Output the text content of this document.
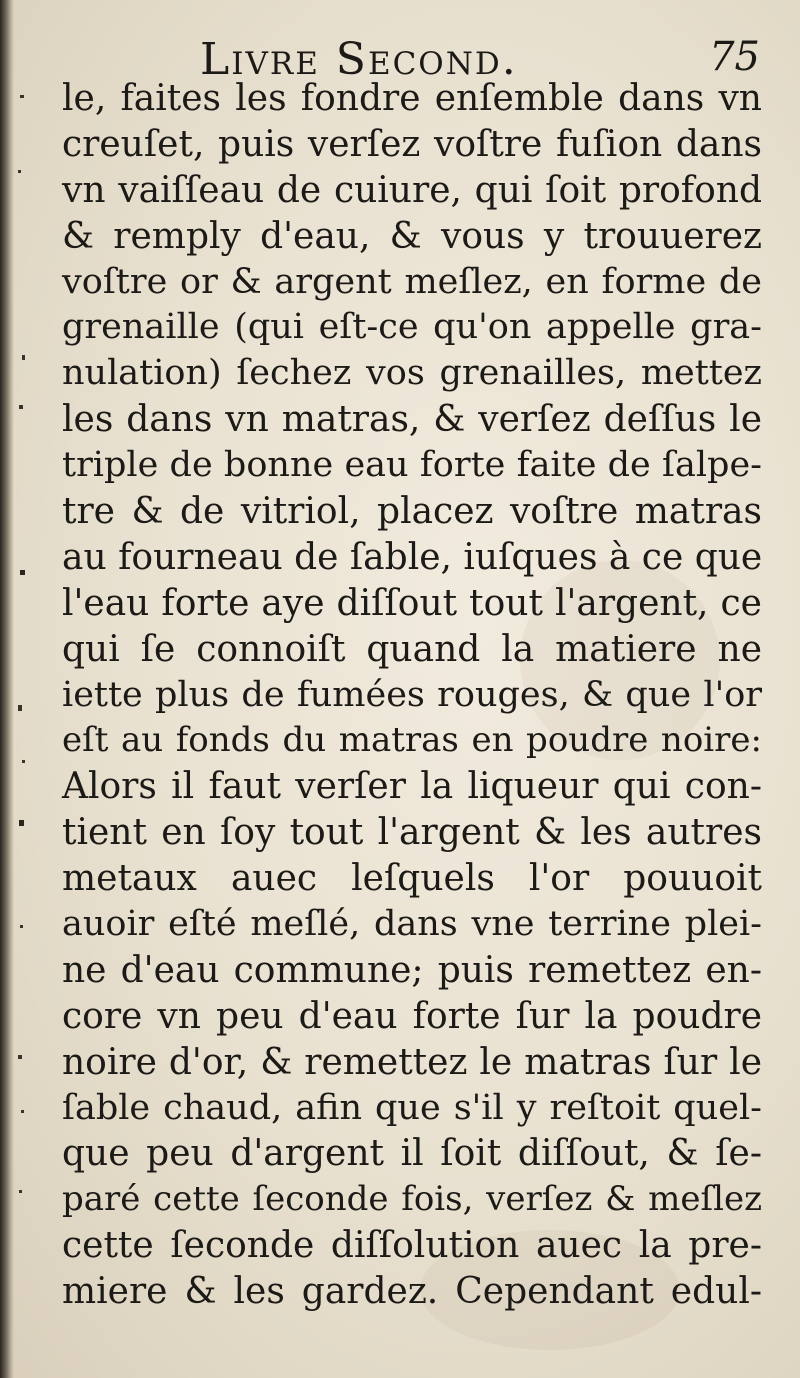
Livre Second.	75
le, faites les fondre enſemble dans vn
creuſet, puis verſez voſtre fuſion dans
vn vaiſſeau de cuiure, qui ſoit profond
& remply d'eau, & vous y trouuerez
voſtre or & argent meſlez, en forme de
grenaille (qui eſt-ce qu'on appelle gra-
nulation) ſechez vos grenailles, mettez
les dans vn matras, & verſez deſſus le
triple de bonne eau forte faite de ſalpe-
tre & de vitriol, placez voſtre matras
au fourneau de ſable, iuſques à ce que
l'eau forte aye diſſout tout l'argent, ce
qui ſe connoiſt quand la matiere ne
iette plus de fumées rouges, & que l'or
eſt au fonds du matras en poudre noire:
Alors il faut verſer la liqueur qui con-
tient en ſoy tout l'argent & les autres
metaux auec leſquels l'or pouuoit
auoir eſté meſlé, dans vne terrine plei-
ne d'eau commune; puis remettez en-
core vn peu d'eau forte ſur la poudre
noire d'or, & remettez le matras ſur le
ſable chaud, afin que s'il y reſtoit quel-
que peu d'argent il ſoit diſſout, & ſe-
paré cette ſeconde fois, verſez & meſlez
cette ſeconde diſſolution auec la pre-
miere & les gardez. Cependant edul-
